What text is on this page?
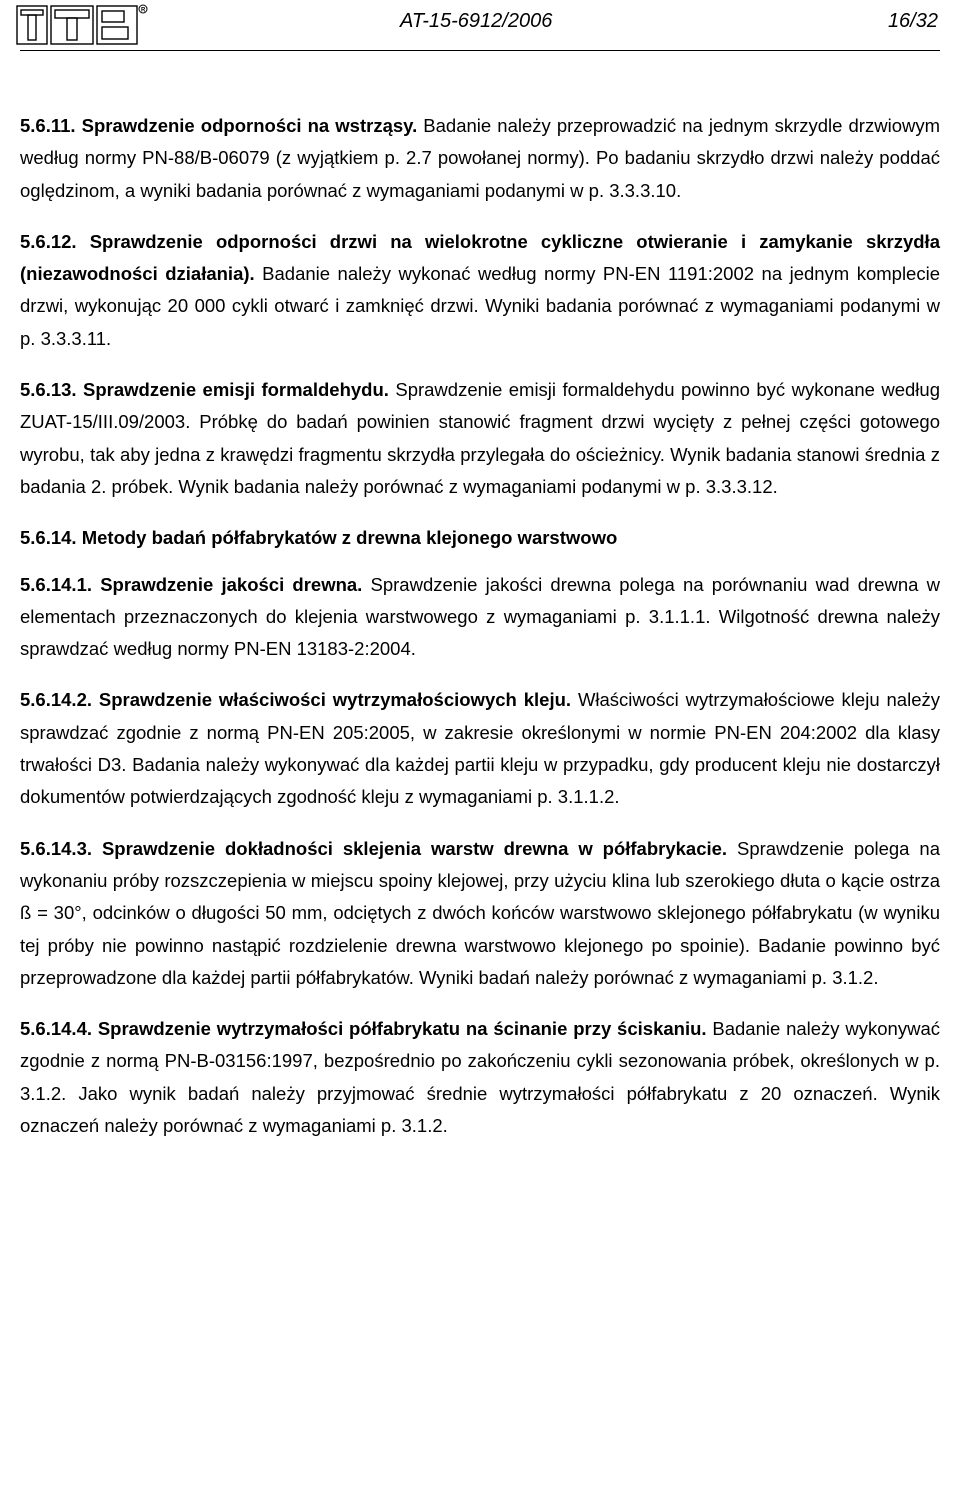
R	AT-15-6912/2006	16/32

5.6.11. Sprawdzenie odporności na wstrząsy. Badanie należy przeprowadzić na jednym skrzydle drzwiowym według normy PN-88/B-06079 (z wyjątkiem p. 2.7 powołanej normy). Po badaniu skrzydło drzwi należy poddać oględzinom, a wyniki badania porównać z wymaganiami podanymi w p. 3.3.3.10.

5.6.12. Sprawdzenie odporności drzwi na wielokrotne cykliczne otwieranie i zamykanie skrzydła (niezawodności działania). Badanie należy wykonać według normy PN-EN 1191:2002 na jednym komplecie drzwi, wykonując 20 000 cykli otwarć i zamknięć drzwi. Wyniki badania porównać z wymaganiami podanymi w p. 3.3.3.11.

5.6.13. Sprawdzenie emisji formaldehydu. Sprawdzenie emisji formaldehydu powinno być wykonane według ZUAT-15/III.09/2003. Próbkę do badań powinien stanowić fragment drzwi wycięty z pełnej części gotowego wyrobu, tak aby jedna z krawędzi fragmentu skrzydła przylegała do ościeżnicy. Wynik badania stanowi średnia z badania 2. próbek. Wynik badania należy porównać z wymaganiami podanymi w p. 3.3.3.12.

5.6.14. Metody badań półfabrykatów z drewna klejonego warstwowo

5.6.14.1. Sprawdzenie jakości drewna. Sprawdzenie jakości drewna polega na porównaniu wad drewna w elementach przeznaczonych do klejenia warstwowego z wymaganiami p. 3.1.1.1. Wilgotność drewna należy sprawdzać według normy PN-EN 13183-2:2004.

5.6.14.2. Sprawdzenie właściwości wytrzymałościowych kleju. Właściwości wytrzymałościowe kleju należy sprawdzać zgodnie z normą PN-EN 205:2005, w zakresie określonymi w normie PN-EN 204:2002 dla klasy trwałości D3. Badania należy wykonywać dla każdej partii kleju w przypadku, gdy producent kleju nie dostarczył dokumentów potwierdzających zgodność kleju z wymaganiami p. 3.1.1.2.

5.6.14.3. Sprawdzenie dokładności sklejenia warstw drewna w półfabrykacie. Sprawdzenie polega na wykonaniu próby rozszczepienia w miejscu spoiny klejowej, przy użyciu klina lub szerokiego dłuta o kącie ostrza ß = 30°, odcinków o długości 50 mm, odciętych z dwóch końców warstwowo sklejonego półfabrykatu (w wyniku tej próby nie powinno nastąpić rozdzielenie drewna warstwowo klejonego po spoinie). Badanie powinno być przeprowadzone dla każdej partii półfabrykatów. Wyniki badań należy porównać z wymaganiami p. 3.1.2.

5.6.14.4. Sprawdzenie wytrzymałości półfabrykatu na ścinanie przy ściskaniu. Badanie należy wykonywać zgodnie z normą PN-B-03156:1997, bezpośrednio po zakończeniu cykli sezonowania próbek, określonych w p. 3.1.2. Jako wynik badań należy przyjmować średnie wytrzymałości półfabrykatu z 20 oznaczeń. Wynik oznaczeń należy porównać z wymaganiami p. 3.1.2.
